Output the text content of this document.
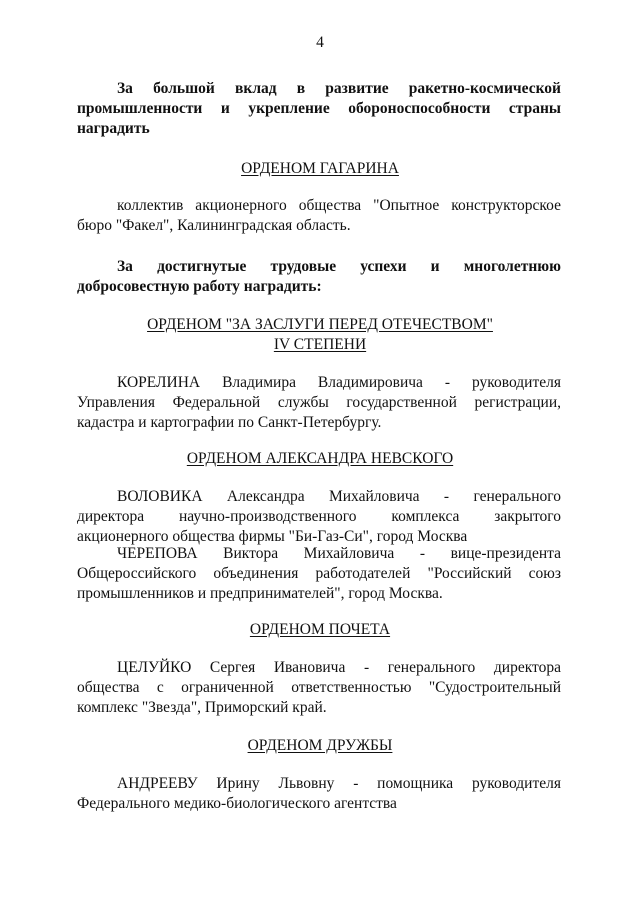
4
За большой вклад в развитие ракетно-космической
промышленности и укрепление обороноспособности страны
наградить
ОРДЕНОМ ГАГАРИНА
коллектив акционерного общества "Опытное конструкторское
бюро "Факел", Калининградская область.
За достигнутые трудовые успехи и многолетнюю
добросовестную работу наградить:
ОРДЕНОМ "ЗА ЗАСЛУГИ ПЕРЕД ОТЕЧЕСТВОМ"
IV СТЕПЕНИ
КОРЕЛИНА Владимира Владимировича - руководителя
Управления Федеральной службы государственной регистрации,
кадастра и картографии по Санкт-Петербургу.
ОРДЕНОМ АЛЕКСАНДРА НЕВСКОГО
ВОЛОВИКА Александра Михайловича - генерального
директора научно-производственного комплекса закрытого
акционерного общества фирмы "Би-Газ-Си", город Москва
ЧЕРЕПОВА Виктора Михайловича - вице-президента
Общероссийского объединения работодателей "Российский союз
промышленников и предпринимателей", город Москва.
ОРДЕНОМ ПОЧЕТА
ЦЕЛУЙКО Сергея Ивановича - генерального директора
общества с ограниченной ответственностью "Судостроительный
комплекс "Звезда", Приморский край.
ОРДЕНОМ ДРУЖБЫ
АНДРЕЕВУ Ирину Львовну - помощника руководителя
Федерального медико-биологического агентства
